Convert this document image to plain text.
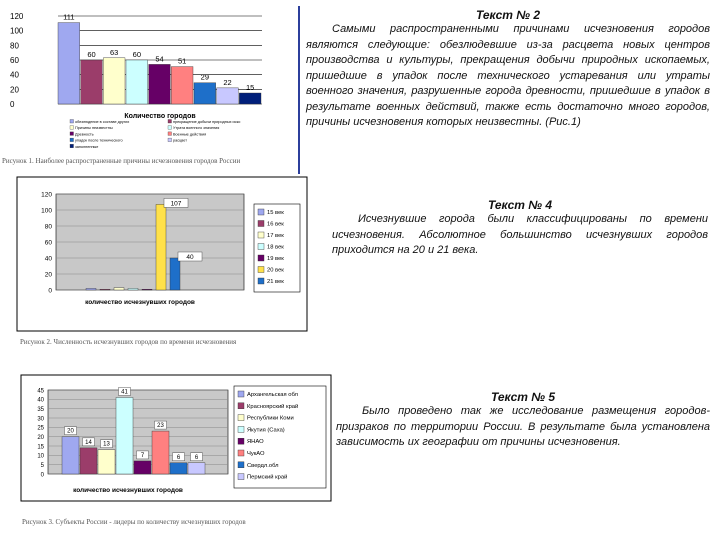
0
20
40
60
80
100
120	111
60 63 60 54 51
29
22
15
Количество городов
обезлюдение в составе других	прекращение добычи природных иско
Причины неизвестны	Утрата военного значения
Древность	Военные действия
упадок после технического	расцвет
заполненные
Рисунок 1. Наиболее распространенные причины исчезновения городов России
Текст № 2
Самыми распространенными причинами исчезновения городов являются следующие: обезлюдевшие из-за расцвета новых центров производства и культуры, прекращения добычи природных ископаемых, пришедшие в упадок после технического устаревания или утраты военного значения, разрушенные города древности, пришедшие в упадок в результате военных действий, также есть достаточно много городов, причины исчезновения которых неизвестны. (Рис.1)
0
20
40
60
80
100
120
107
40
количество исчезнувших городов
15 век
16 век
17 век
18 век
19 век
20 век
21 век
Рисунок 2. Численность исчезнувших городов по времени исчезновения
Текст № 4
Исчезнувшие города были классифицированы по времени исчезновения. Абсолютное большинство исчезнувших городов приходится на 20 и 21 века.
0
5
10
15
20
25
30
35
40
45
20
14 13
41
7
23
6 6
количество исчезнувших городов
Архангельская обл
Красноярский край
Республики Коми
Якутия (Саха)
ЯНАО
ЧукАО
Свердл.обл
Пермский край
Рисунок 3. Субъекты России - лидеры по количеству исчезнувших городов
Текст № 5
Было проведено так же исследование размещения городов-призраков по территории России. В результате была установлена зависимость их географии от причины исчезновения.
